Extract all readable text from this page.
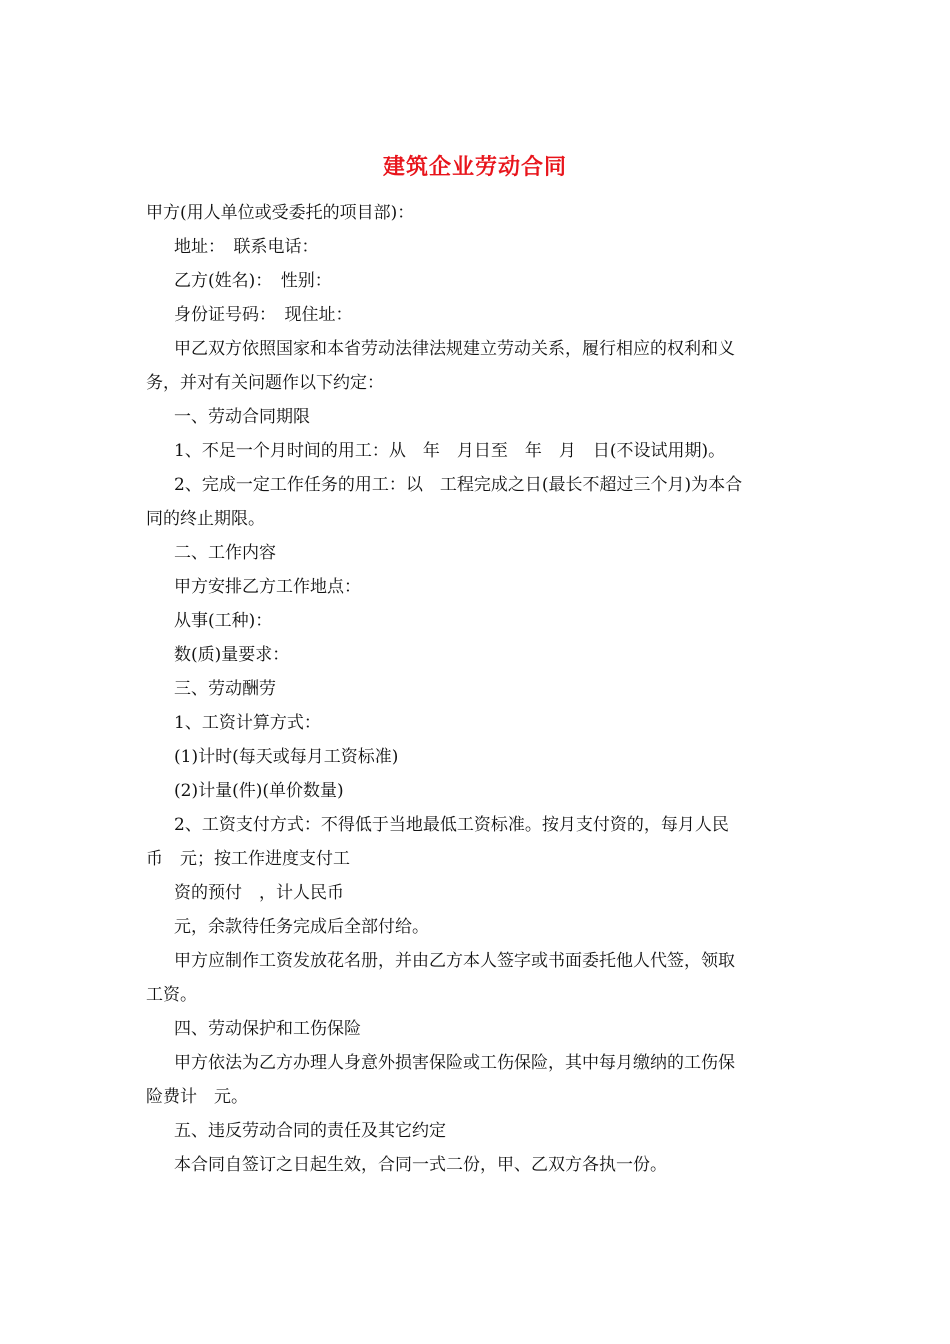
建筑企业劳动合同
甲方(用人单位或受委托的项目部)：
地址：　联系电话：
乙方(姓名)：　性别：
身份证号码：　现住址：
甲乙双方依照国家和本省劳动法律法规建立劳动关系，履行相应的权利和义
务，并对有关问题作以下约定：
一、劳动合同期限
1、不足一个月时间的用工：从　年　月日至　年　月　日(不设试用期)。
2、完成一定工作任务的用工：以　工程完成之日(最长不超过三个月)为本合
同的终止期限。
二、工作内容
甲方安排乙方工作地点：
从事(工种)：
数(质)量要求：
三、劳动酬劳
1、工资计算方式：
(1)计时(每天或每月工资标准)
(2)计量(件)(单价数量)
2、工资支付方式：不得低于当地最低工资标准。按月支付资的，每月人民
币　元；按工作进度支付工
资的预付　，计人民币
元，余款待任务完成后全部付给。
甲方应制作工资发放花名册，并由乙方本人签字或书面委托他人代签，领取
工资。
四、劳动保护和工伤保险
甲方依法为乙方办理人身意外损害保险或工伤保险，其中每月缴纳的工伤保
险费计　元。
五、违反劳动合同的责任及其它约定
本合同自签订之日起生效，合同一式二份，甲、乙双方各执一份。
